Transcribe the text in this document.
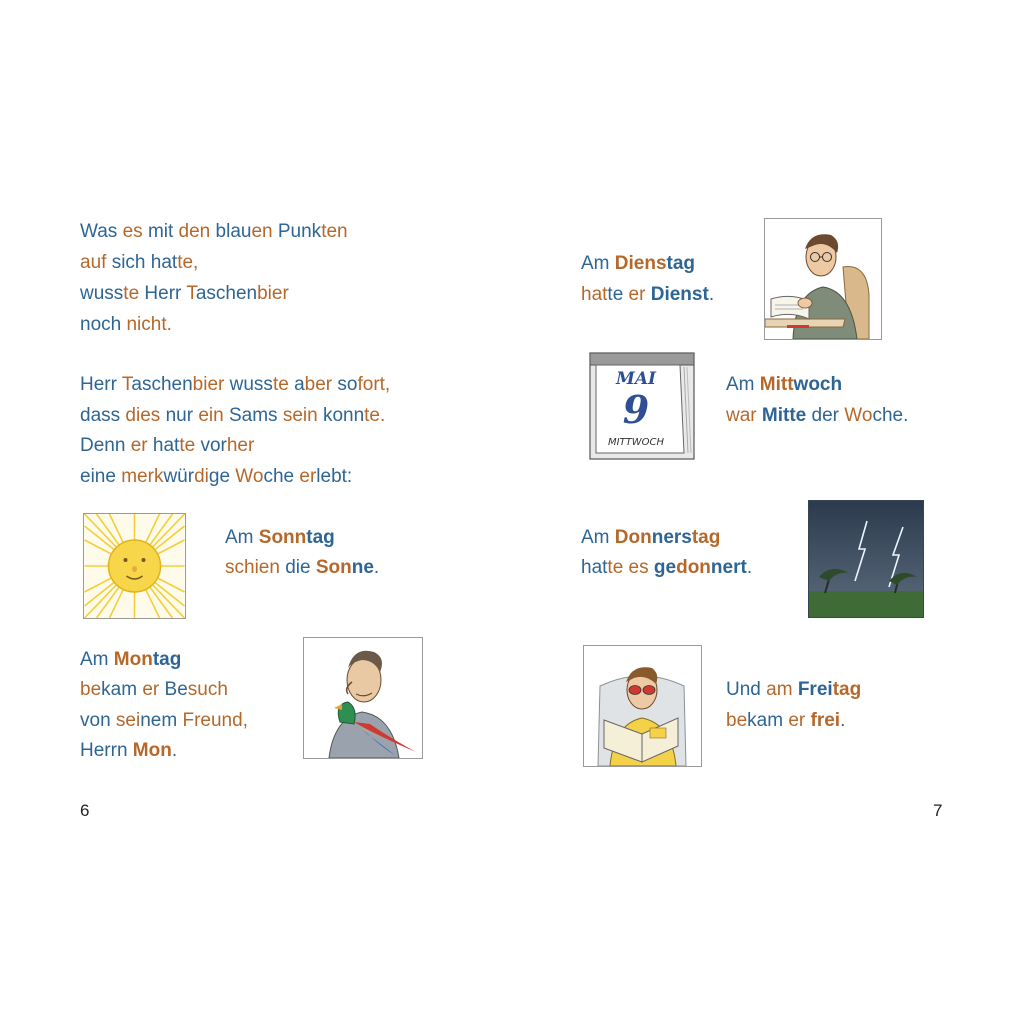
Was es mit den blauen Punkten
auf sich hatte,
wusste Herr Taschenbier
noch nicht.
Herr Taschenbier wusste aber sofort,
dass dies nur ein Sams sein konnte.
Denn er hatte vorher
eine merkwürdige Woche erlebt:
Am Sonntag
schien die Sonne.
Am Montag
bekam er Besuch
von seinem Freund,
Herrn Mon.
6
Am Dienstag
hatte er Dienst.
MAI
9
MITTWOCH
Am Mittwoch
war Mitte der Woche.
Am Donnerstag
hatte es gedonnert.
Und am Freitag
bekam er frei.
7
